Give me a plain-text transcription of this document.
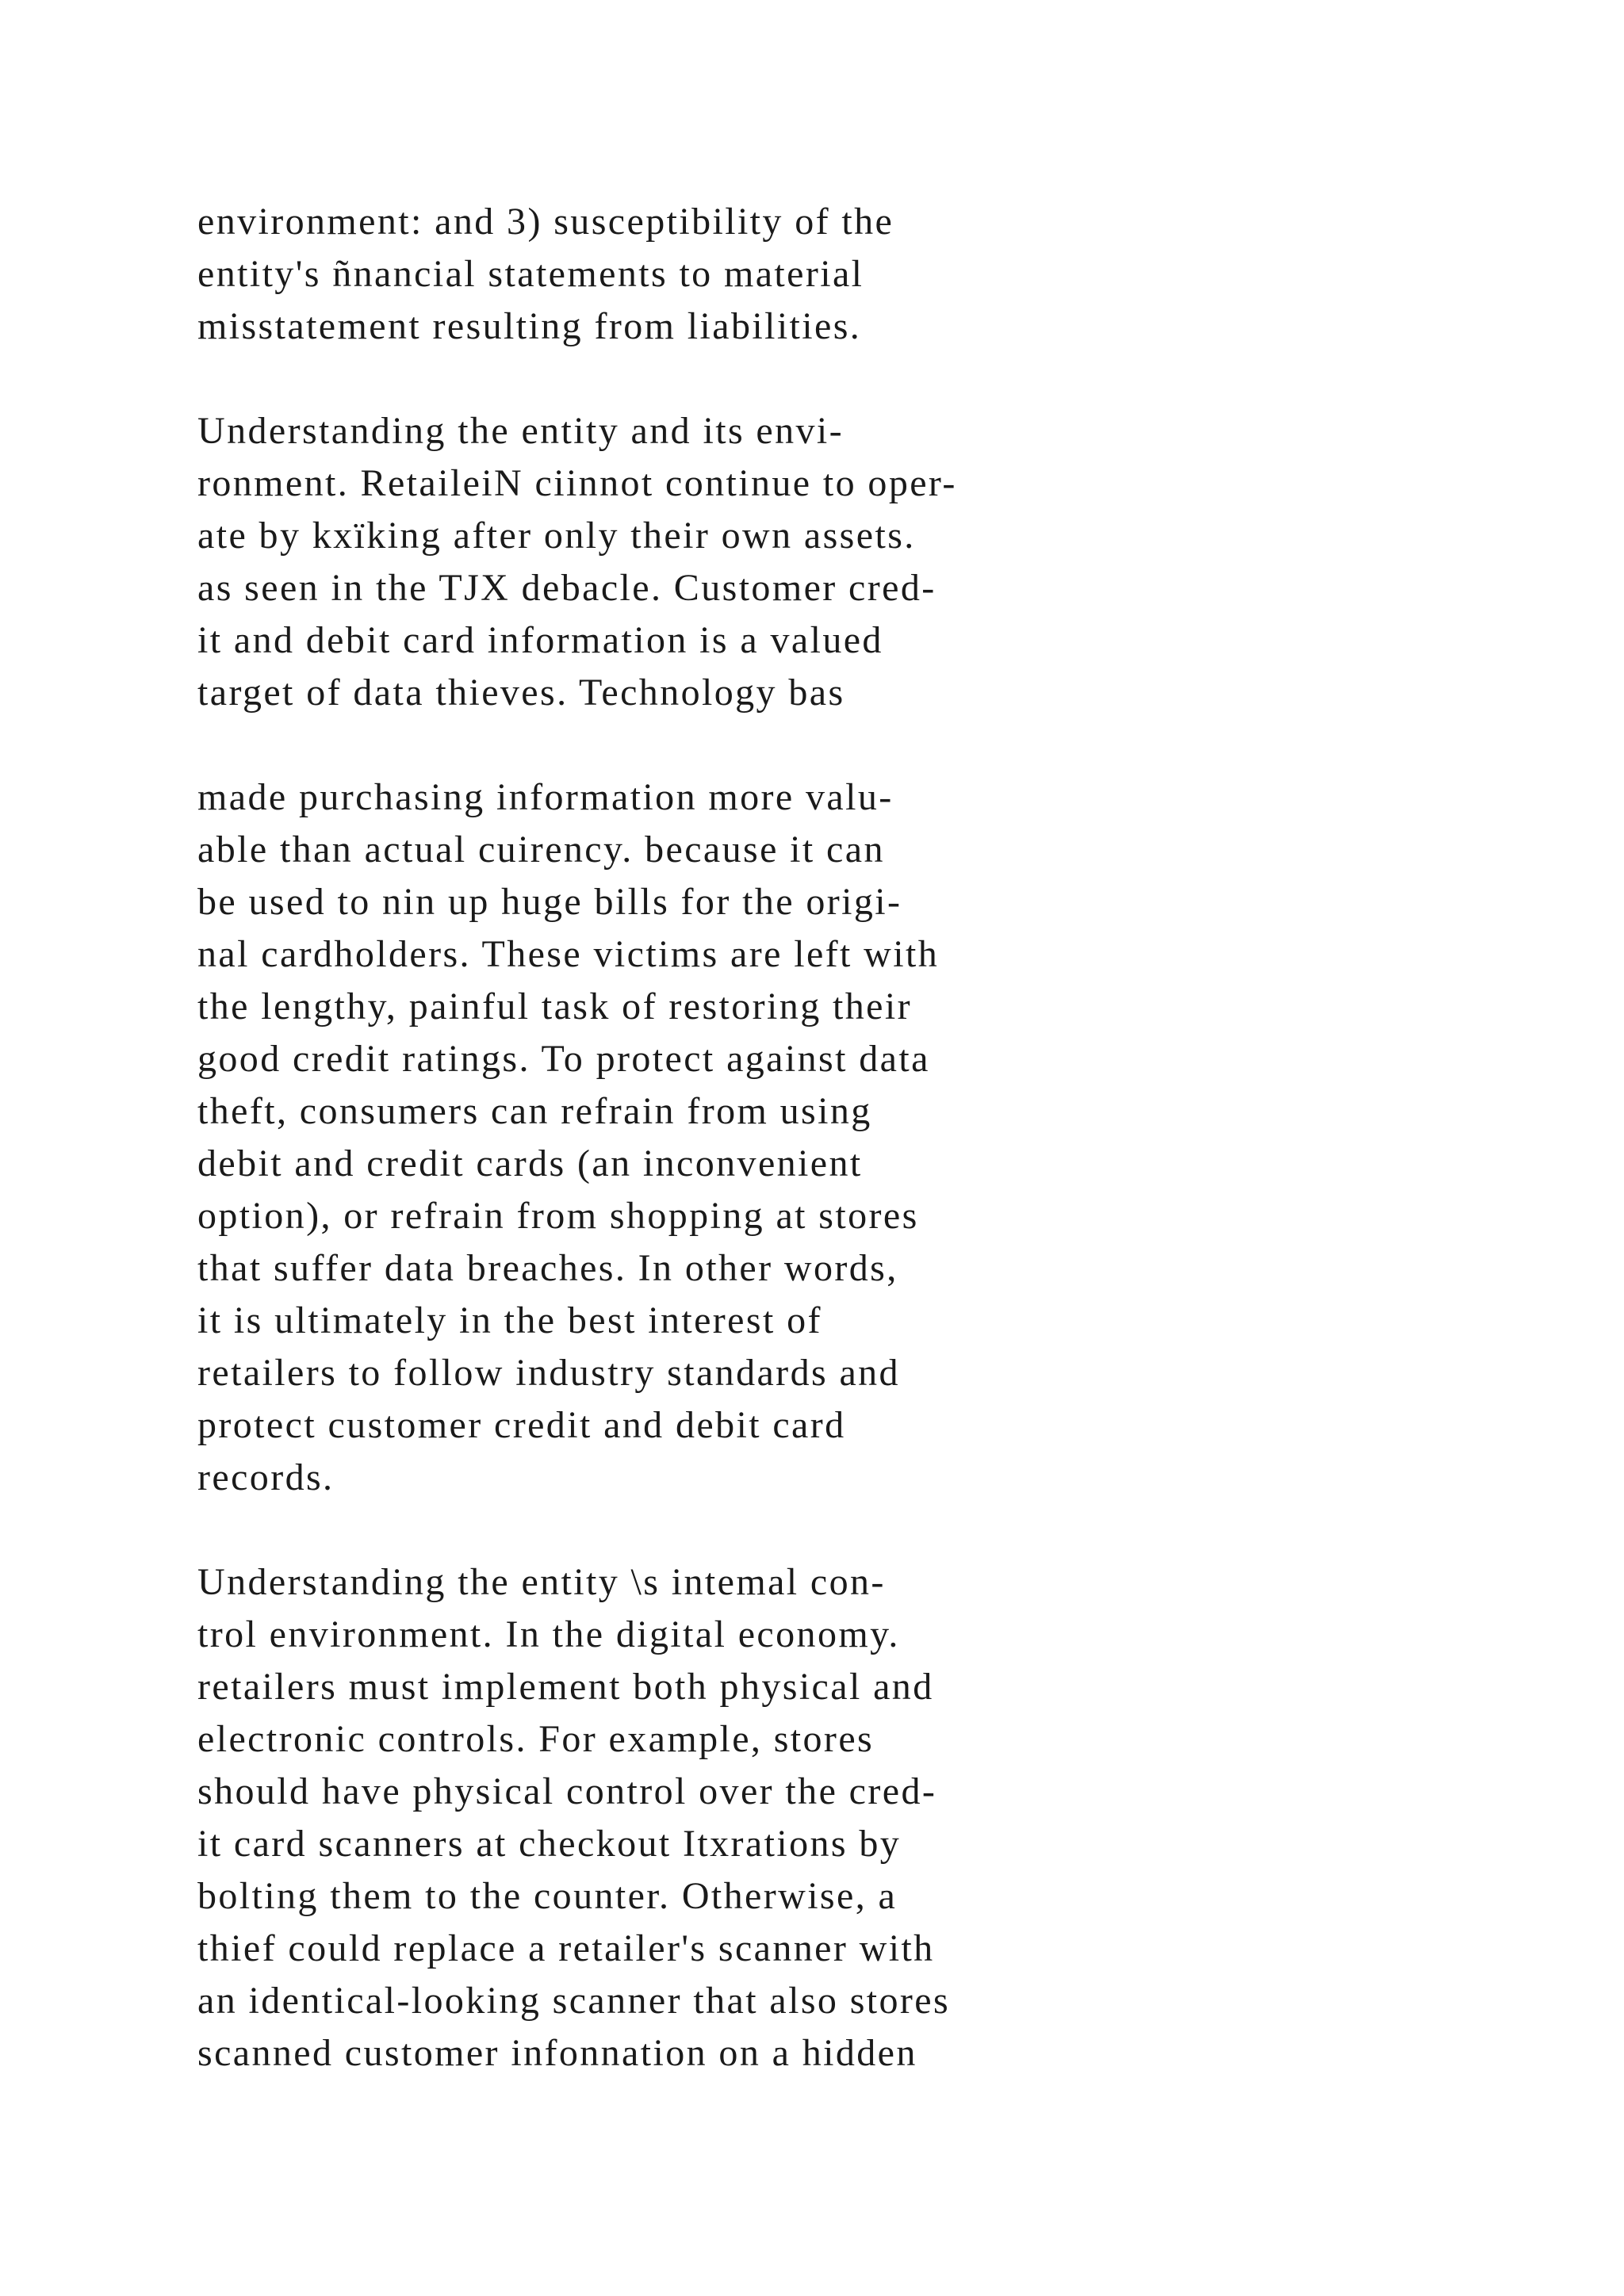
environment: and 3) susceptibility of the
entity's ñnancial statements to material
misstatement resulting from liabilities.
Understanding the entity and its envi-
ronment. RetaileiN ciinnot continue to oper-
ate by kxïking after only their own assets.
as seen in the TJX debacle. Customer cred-
it and debit card information is a valued
target of data thieves. Technology bas
made purchasing information more valu-
able than actual cuirency. because it can
be used to nin up huge bills for the origi-
nal cardholders. These victims are left with
the lengthy, painful task of restoring their
good credit ratings. To protect against data
theft, consumers can refrain from using
debit and credit cards (an inconvenient
option), or refrain from shopping at stores
that suffer data breaches. In other words,
it is ultimately in the best interest of
retailers to follow industry standards and
protect customer credit and debit card
records.
Understanding the entity \s intemal con-
trol environment. In the digital economy.
retailers must implement both physical and
electronic controls. For example, stores
should have physical control over the cred-
it card scanners at checkout Itxrations by
bolting them to the counter. Otherwise, a
thief could replace a retailer's scanner with
an identical-looking scanner that also stores
scanned customer infonnation on a hidden
